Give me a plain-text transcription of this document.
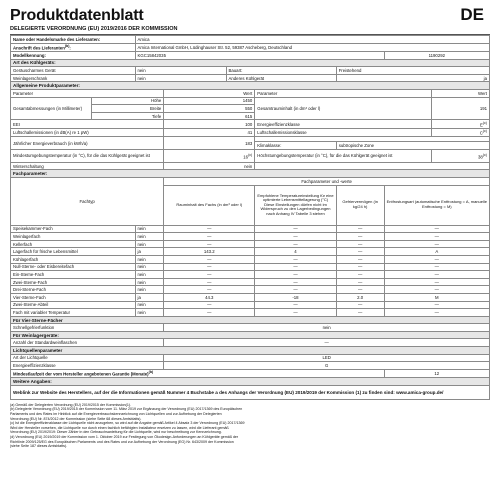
Produktdatenblatt	DE
DELEGIERTE VERORDNUNG (EU) 2019/2016 DER KOMMISSION
Name oder Handelsmarke des Lieferanten:		Amica						
Anschrift des Lieferanten$^{(b)}$:		Amica International GmbH, Lüdinghauser Str. 52, 59387 Ascheberg, Deutschland						
Modellkennung:		KGC15842035					1190292	
Art des Kühlgeräts:								
Geräuscharmes Gerät		nein		Bauart:		Freistehend		
Weinlagerschrank		nein		Anderes Kühlgerät		ja		
Allgemeine Produktparameter:								
Parameter			Wert		Parameter			Wert
Gesamtabmessungen (in Millimeter)	Höhe		1450		Gesamtrauminhalt (in dm³ oder l)			191
	Breite		550					
	Tiefe		615					
EEI			100		Energieeffizienzklasse			$E^{(c)}$
Luftschallemissionen (in dB(A) re 1 pW)			41		Luftschallemissionsklasse			$C^{(c)}$
Jährlicher Energieverbrauch (in kWh/a)			183					
					Klimaklasse:	subtropische Zone		
Mindestumgebungstemperatur (in °C), für die das Kühlgerät geeignet ist			16$^{(c)}$		Höchstumgebungstemperatur (in °C), für die das Kühlgerät geeignet ist			38$^{(c)}$
Winterschaltung			nein					
Fachparameter:								
Fachtyp			Fachparameter und -werte					
			Rauminhalt des Fachs (in dm³ oder l)		Empfohlene Temperatureinstellung für eine optimierte Lebensmittellagerung (°C) Diese Einstellungen dürfen nicht im Widerspruch zu den Lagerbedingungen nach Anhang IV Tabelle 3 stehen	Gefriervermögen (in kg/24 h)	Entfrostungsart (automatische Entfrostung = A, manuelle Entfrostung = M)	
Speisekammer-Fach		nein	—		—	—	—	
Weinlagerfach		nein	—		—	—	—	
Kellerfach		nein	—		—	—	—	
Lagerfach für frische Lebensmittel		ja	143.2		4	—	A	
Kühlagerfach		nein	—		—	—	—	
Null-Sterne- oder Eisbereitefach		nein	—		—	—	—	
Ein-Sterne-Fach		nein	—		—	—	—	
Zwei-Sterne-Fach		nein	—		—	—	—	
Drei-Sterne-Fach		nein	—		—	—	—	
Vier-Sterne-Fach		ja	44.3		-18	2.0	M	
Zwei-Sterne-Abteil		nein	—		—	—	—	
Fach mit variabler Temperatur		nein	—		—	—	—	
Für Vier-Sterne-Fächer								
Schnellgefrierfunktion			nein					
Für Weinlagergeräte:								
Anzahl der Standardweinflaschen			—					
Lichtquellenparameter								
Art der Lichtquelle			LED					
Energieeffizienzklasse			G					
Mindestlaufzeit der vom Hersteller angebotenen Garantie (Monate)$^{(b)}$							12	
Weitere Angaben:								
Weblink zur Website des Herstellers, auf der die Informationen gemäß Nummer 4 Buchstabe a des Anhangs der Verordnung (EU) 2019/2019 der Kommission (1) zu finden sind: www.amica-group.de/								
(a) Gemäß der Delegierten Verordnung (EU) 2019/2015 der Kommission(1).
(b) Delegierte Verordnung (EU) 2019/2015 der Kommission vom 11. März 2019 zur Ergänzung der Verordnung (EU) 2017/1369 des Europäischen
Parlaments und des Rates im Hinblick auf die Energieverbrauchskennzeichnung von Lichtquellen und zur Aufhebung der Delegierten
Verordnung (EU) Nr. 874/2012 der Kommission (siehe Seite 68 dieses Amtsblatts).
(c) Ist die Energieeffizienzklasse der Lichtquelle nicht anzugeben, so wird auf die Angabe gemäß Artikel 4 Absatz 3 der Verordnung (EU) 2017/1369
Wird der Hersteller vorsehen, die Lichtquelle nur durch einen fachlich befähigten Installateur ersetzen zu lassen, wird die Lieferant gemäß
Verordnung (EU) 2019/2019: Dieser Zähler in den Gebrauchsanleitung für die Lichtquelle, wird nur beschreibung zur Kennzeichnung.
(d) Verordnung (EU) 2019/2019 der Kommission vom 1. Oktober 2019 zur Festlegung von Ökodesign-Anforderungen an Kühlgeräte gemäß der
Richtlinie 2009/125/EG des Europäischen Parlaments und des Rates und zur Aufhebung der Verordnung (EG) Nr. 643/2009 der Kommission
(siehe Seite 187 dieses Amtsblatts).
